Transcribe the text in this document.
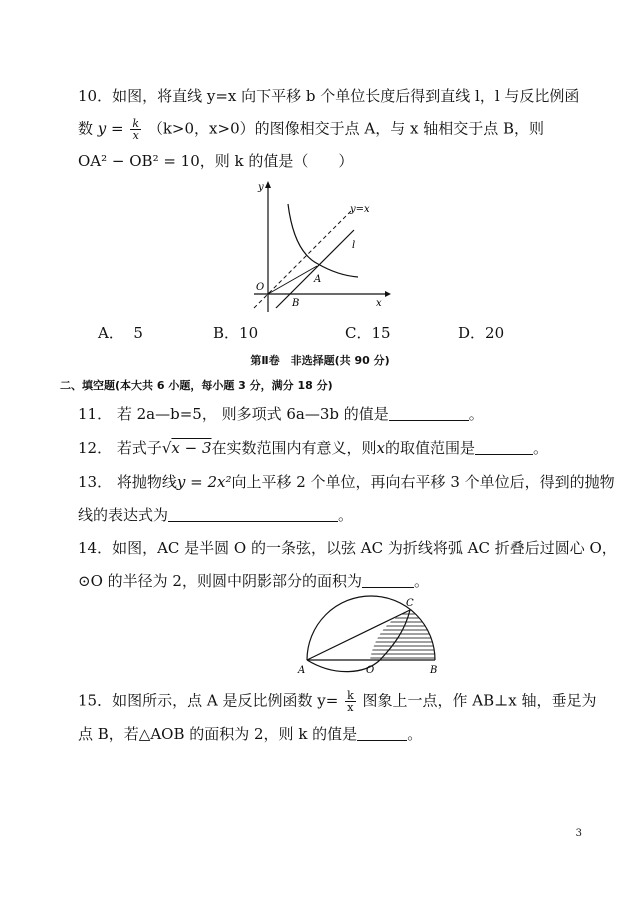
10．如图，将直线 y=x 向下平移 b 个单位长度后得到直线 l，l 与反比例函
数 $y = \frac{k}{x} (k>0$，x>0）的图像相交于点 A，与 x 轴相交于点 B，则
OA² − OB² = 10，则 k 的值是（　　）
y
x
O
A
B
y=x
l
A． 5	B．10	C．15	D．20
第Ⅱ卷　非选择题(共 90 分)
二、填空题(本大共 6 小题，每小题 3 分，满分 18 分)
11． 若 2a—b=5， 则多项式 6a—3b 的值是	。
12． 若式子√x − 3在实数范围内有意义，则x的取值范围是	。
13． 将抛物线y = 2x²向上平移 2 个单位，再向右平移 3 个单位后，得到的抛物
线的表达式为	。
14．如图，AC 是半圆 O 的一条弦，以弦 AC 为折线将弧 AC 折叠后过圆心 O，
⊙O 的半径为 2，则圆中阴影部分的面积为	。
A	O	B
C
15．如图所示，点 A 是反比例函数 $y= \frac{k}{x}$ 图象上一点，作 AB⊥x 轴，垂足为
点 B，若△AOB 的面积为 2，则 k 的值是	。
3
